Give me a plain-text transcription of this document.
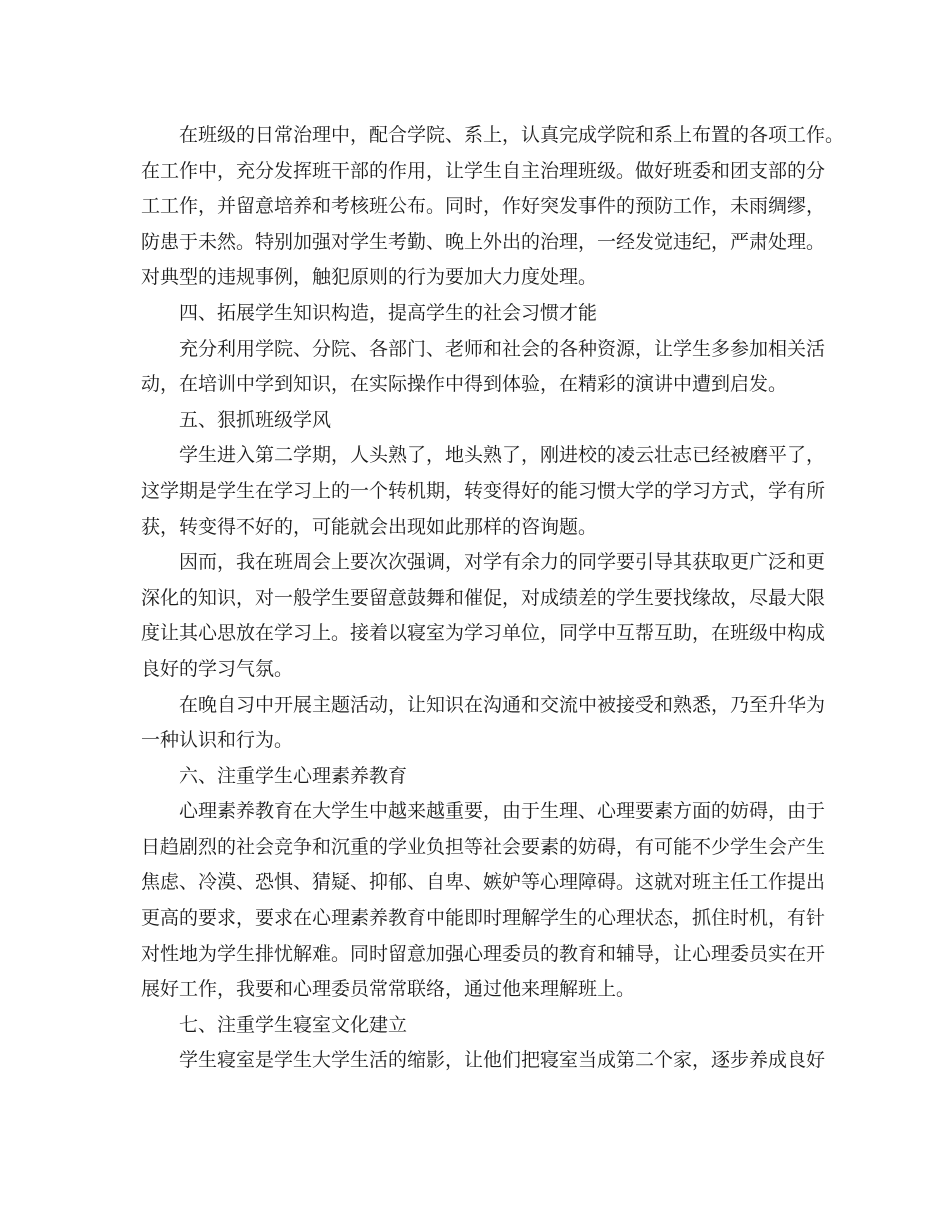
在班级的日常治理中，配合学院、系上，认真完成学院和系上布置的各项工作。
在工作中，充分发挥班干部的作用，让学生自主治理班级。做好班委和团支部的分
工工作，并留意培养和考核班公布。同时，作好突发事件的预防工作，未雨绸缪，
防患于未然。特别加强对学生考勤、晚上外出的治理，一经发觉违纪，严肃处理。
对典型的违规事例，触犯原则的行为要加大力度处理。
四、拓展学生知识构造，提高学生的社会习惯才能
充分利用学院、分院、各部门、老师和社会的各种资源，让学生多参加相关活
动，在培训中学到知识，在实际操作中得到体验，在精彩的演讲中遭到启发。
五、狠抓班级学风
学生进入第二学期，人头熟了，地头熟了，刚进校的凌云壮志已经被磨平了，
这学期是学生在学习上的一个转机期，转变得好的能习惯大学的学习方式，学有所
获，转变得不好的，可能就会出现如此那样的咨询题。
因而，我在班周会上要次次强调，对学有余力的同学要引导其获取更广泛和更
深化的知识，对一般学生要留意鼓舞和催促，对成绩差的学生要找缘故，尽最大限
度让其心思放在学习上。接着以寝室为学习单位，同学中互帮互助，在班级中构成
良好的学习气氛。
在晚自习中开展主题活动，让知识在沟通和交流中被接受和熟悉，乃至升华为
一种认识和行为。
六、注重学生心理素养教育
心理素养教育在大学生中越来越重要，由于生理、心理要素方面的妨碍，由于
日趋剧烈的社会竞争和沉重的学业负担等社会要素的妨碍，有可能不少学生会产生
焦虑、冷漠、恐惧、猜疑、抑郁、自卑、嫉妒等心理障碍。这就对班主任工作提出
更高的要求，要求在心理素养教育中能即时理解学生的心理状态，抓住时机，有针
对性地为学生排忧解难。同时留意加强心理委员的教育和辅导，让心理委员实在开
展好工作，我要和心理委员常常联络，通过他来理解班上。
七、注重学生寝室文化建立
学生寝室是学生大学生活的缩影，让他们把寝室当成第二个家，逐步养成良好
